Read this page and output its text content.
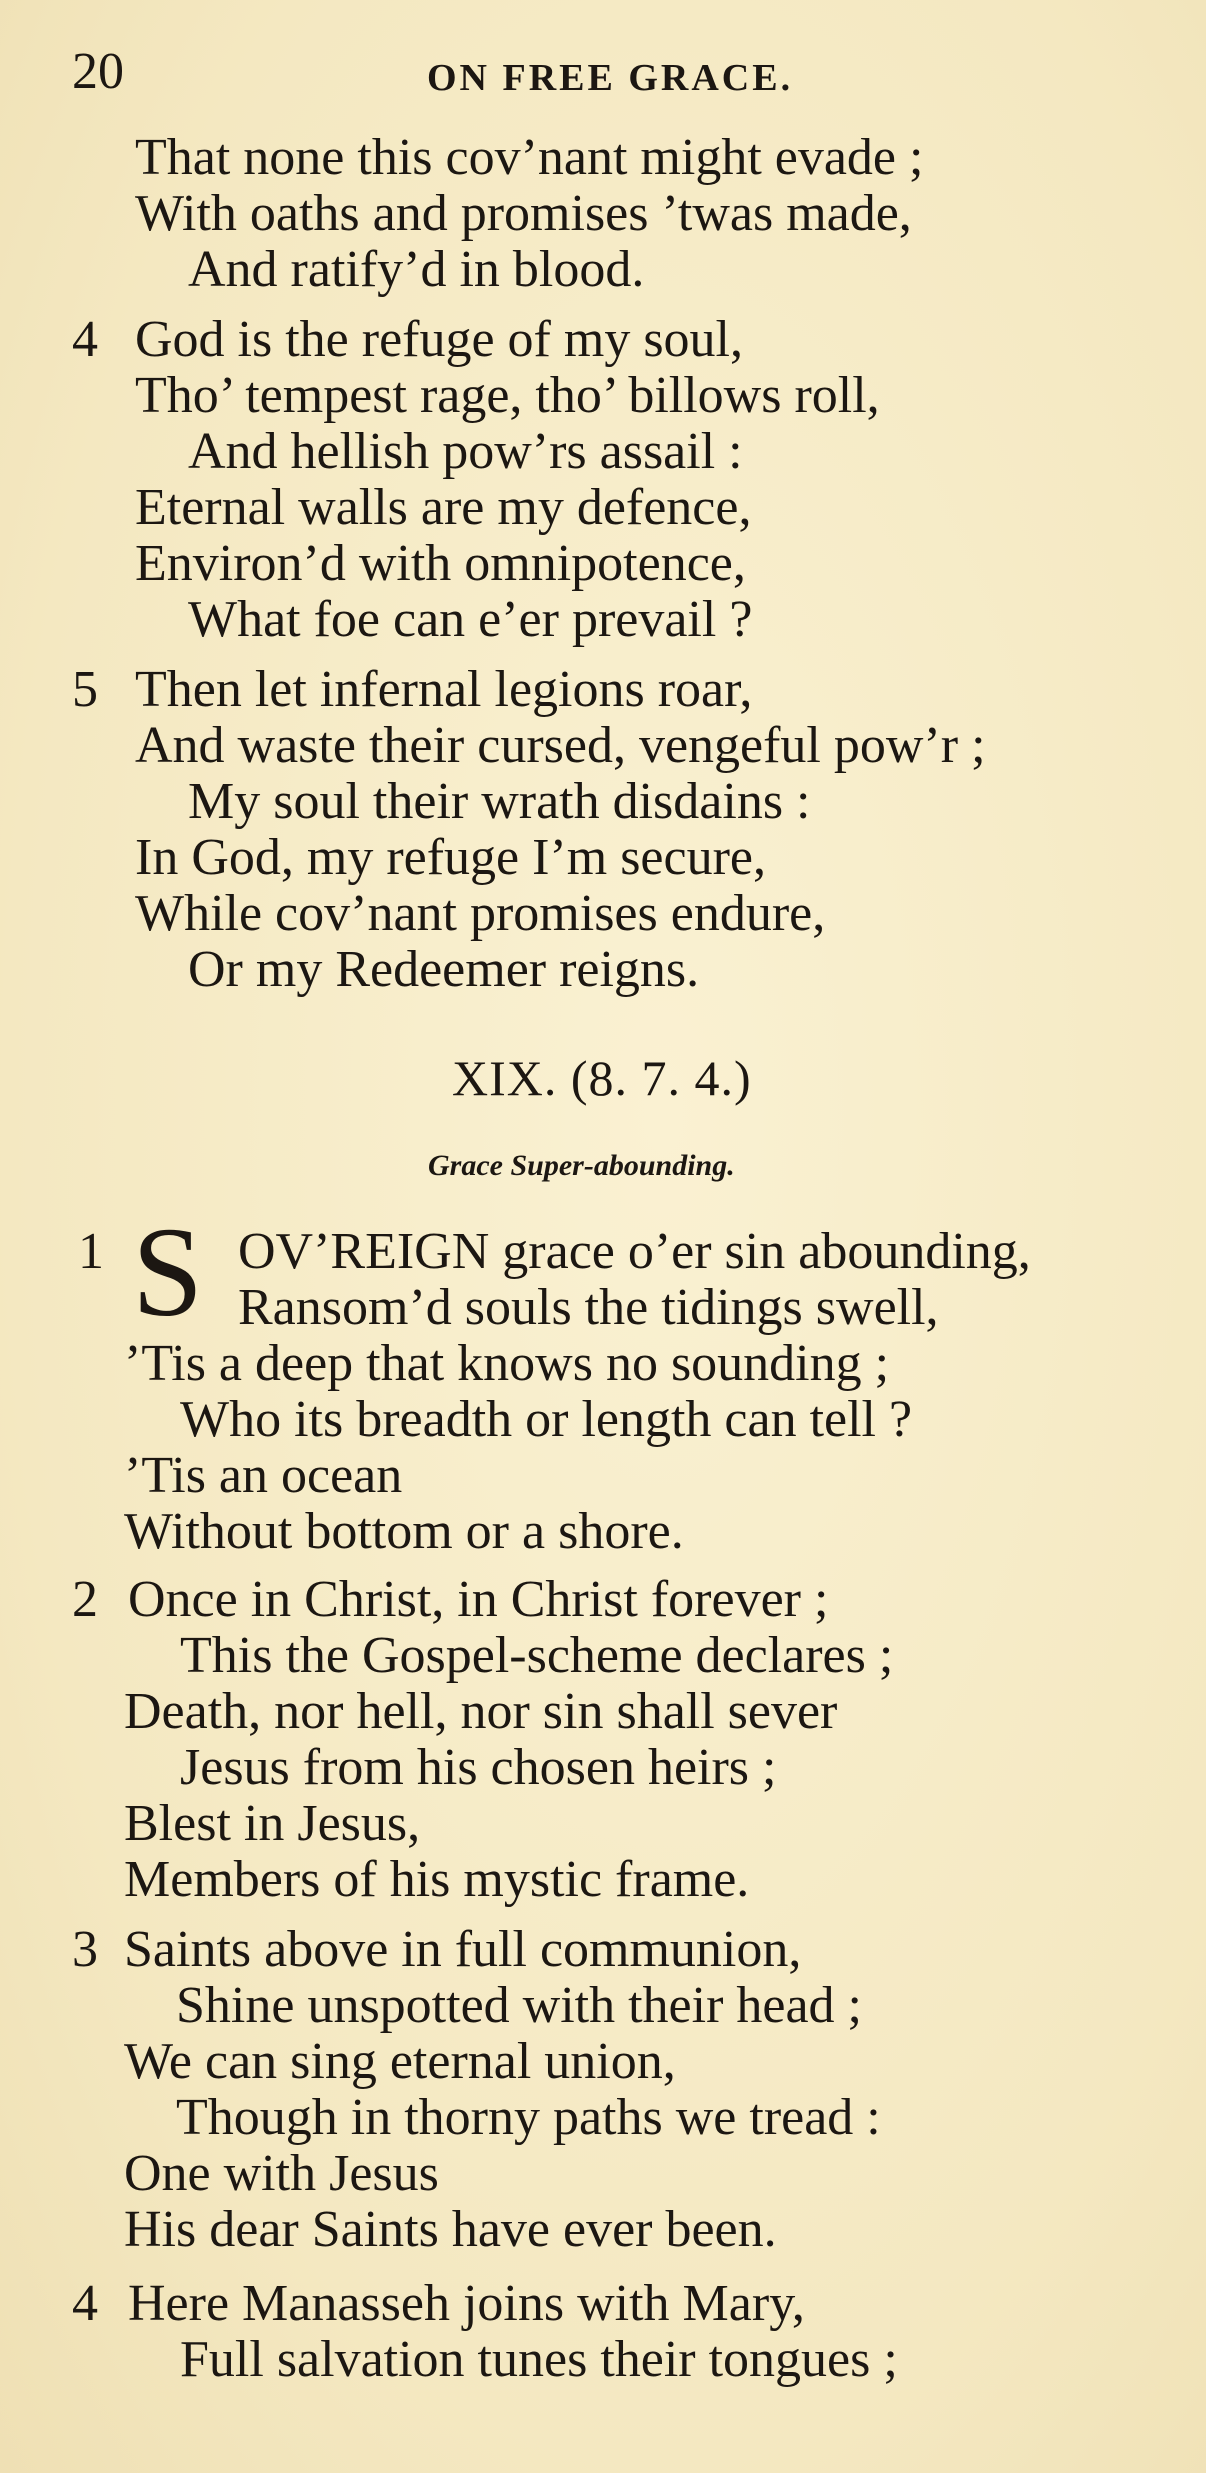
20	ON FREE GRACE.
That none this cov’nant might evade ;
With oaths and promises ’twas made,
And ratify’d in blood.
4 God is the refuge of my soul,
Tho’ tempest rage, tho’ billows roll,
And hellish pow’rs assail :
Eternal walls are my defence,
Environ’d with omnipotence,
What foe can e’er prevail ?
5 Then let infernal legions roar,
And waste their cursed, vengeful pow’r ;
My soul their wrath disdains :
In God, my refuge I’m secure,
While cov’nant promises endure,
Or my Redeemer reigns.
XIX. (8. 7. 4.)
Grace Super-abounding.
1 S OV’REIGN grace o’er sin abounding,
Ransom’d souls the tidings swell,
’Tis a deep that knows no sounding ;
Who its breadth or length can tell ?
’Tis an ocean
Without bottom or a shore.
2 Once in Christ, in Christ forever ;
This the Gospel-scheme declares ;
Death, nor hell, nor sin shall sever
Jesus from his chosen heirs ;
Blest in Jesus,
Members of his mystic frame.
3 Saints above in full communion,
Shine unspotted with their head ;
We can sing eternal union,
Though in thorny paths we tread :
One with Jesus
His dear Saints have ever been.
4 Here Manasseh joins with Mary,
Full salvation tunes their tongues ;
